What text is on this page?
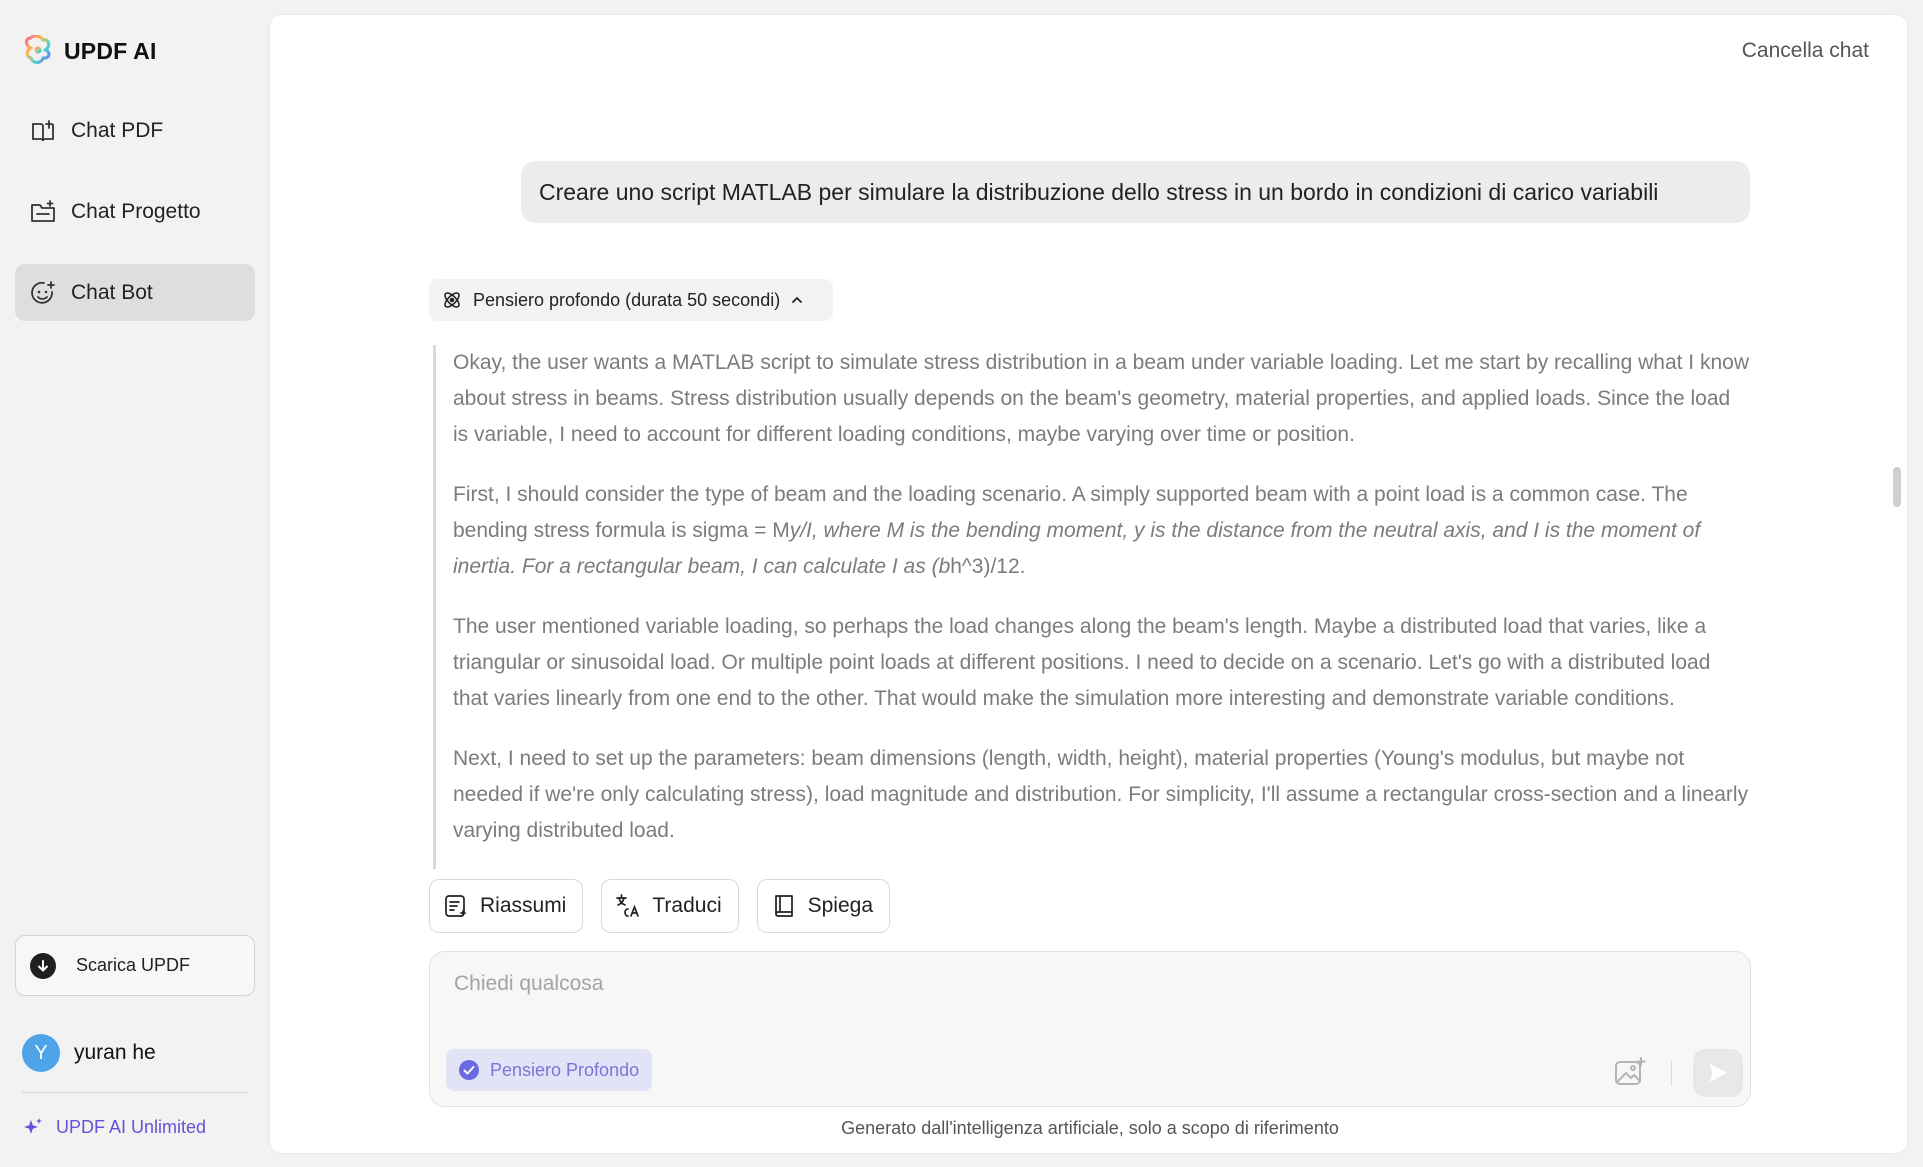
UPDF AI
Chat PDF
Chat Progetto
Chat Bot
Scarica UPDF
Y	yuran he
UPDF AI Unlimited
Cancella chat
Creare uno script MATLAB per simulare la distribuzione dello stress in un bordo in condizioni di carico variabili
Pensiero profondo (durata 50 secondi)

Okay, the user wants a MATLAB script to simulate stress distribution in a beam under variable loading. Let me start by recalling what I know about stress in beams. Stress distribution usually depends on the beam's geometry, material properties, and applied loads. Since the load is variable, I need to account for different loading conditions, maybe varying over time or position.

First, I should consider the type of beam and the loading scenario. A simply supported beam with a point load is a common case. The bending stress formula is sigma = My/I, where M is the bending moment, y is the distance from the neutral axis, and I is the moment of inertia. For a rectangular beam, I can calculate I as (bh^3)/12.

The user mentioned variable loading, so perhaps the load changes along the beam's length. Maybe a distributed load that varies, like a triangular or sinusoidal load. Or multiple point loads at different positions. I need to decide on a scenario. Let's go with a distributed load that varies linearly from one end to the other. That would make the simulation more interesting and demonstrate variable conditions.

Next, I need to set up the parameters: beam dimensions (length, width, height), material properties (Young's modulus, but maybe not needed if we're only calculating stress), load magnitude and distribution. For simplicity, I'll assume a rectangular cross-section and a linearly varying distributed load.

Riassumi	Traduci	Spiega
Chiedi qualcosa
Pensiero Profondo
Generato dall'intelligenza artificiale, solo a scopo di riferimento
